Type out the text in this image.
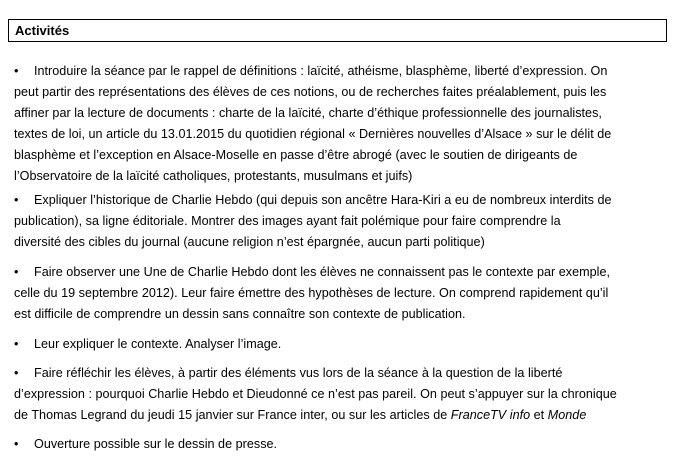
Activités
• Introduire la séance par le rappel de définitions : laïcité, athéisme, blasphème, liberté d’expression. On
peut partir des représentations des élèves de ces notions, ou de recherches faites préalablement, puis les
affiner par la lecture de documents : charte de la laïcité, charte d’éthique professionnelle des journalistes,
textes de loi, un article du 13.01.2015 du quotidien régional « Dernières nouvelles d’Alsace » sur le délit de
blasphème et l’exception en Alsace-Moselle en passe d’être abrogé (avec le soutien de dirigeants de
l’Observatoire de la laïcité catholiques, protestants, musulmans et juifs)
• Expliquer l’historique de Charlie Hebdo (qui depuis son ancêtre Hara-Kiri a eu de nombreux interdits de
publication), sa ligne éditoriale. Montrer des images ayant fait polémique pour faire comprendre la
diversité des cibles du journal (aucune religion n’est épargnée, aucun parti politique)
• Faire observer une Une de Charlie Hebdo dont les élèves ne connaissent pas le contexte par exemple,
celle du 19 septembre 2012). Leur faire émettre des hypothèses de lecture. On comprend rapidement qu’il
est difficile de comprendre un dessin sans connaître son contexte de publication.
• Leur expliquer le contexte. Analyser l’image.
• Faire réfléchir les élèves, à partir des éléments vus lors de la séance à la question de la liberté
d’expression : pourquoi Charlie Hebdo et Dieudonné ce n’est pas pareil. On peut s’appuyer sur la chronique
de Thomas Legrand du jeudi 15 janvier sur France inter, ou sur les articles de FranceTV info et Monde
• Ouverture possible sur le dessin de presse.
